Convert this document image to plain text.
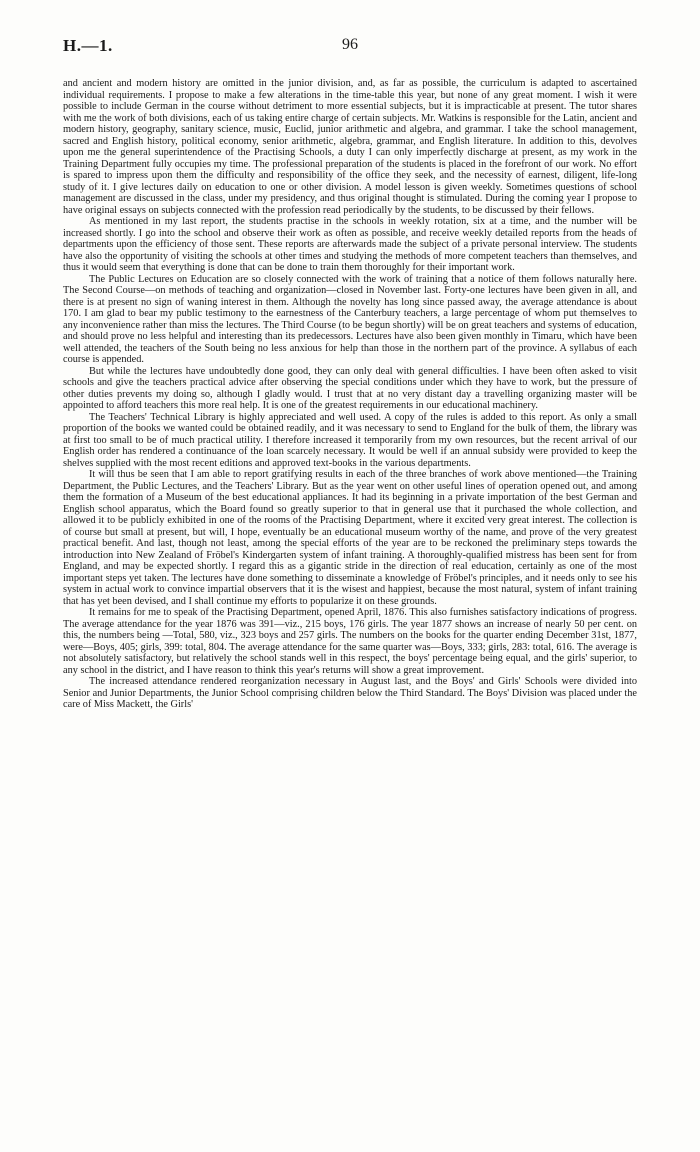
H.—1.	96

and ancient and modern history are omitted in the junior division, and, as far as possible, the curriculum is adapted to ascertained individual requirements. I propose to make a few alterations in the time-table this year, but none of any great moment. I wish it were possible to include German in the course without detriment to more essential subjects, but it is impracticable at present. The tutor shares with me the work of both divisions, each of us taking entire charge of certain subjects. Mr. Watkins is responsible for the Latin, ancient and modern history, geography, sanitary science, music, Euclid, junior arithmetic and algebra, and grammar. I take the school management, sacred and English history, political economy, senior arithmetic, algebra, grammar, and English literature. In addition to this, devolves upon me the general superintendence of the Practising Schools, a duty I can only imperfectly discharge at present, as my work in the Training Department fully occupies my time. The professional preparation of the students is placed in the forefront of our work. No effort is spared to impress upon them the difficulty and responsibility of the office they seek, and the necessity of earnest, diligent, life-long study of it. I give lectures daily on education to one or other division. A model lesson is given weekly. Sometimes questions of school management are discussed in the class, under my presidency, and thus original thought is stimulated. During the coming year I propose to have original essays on subjects connected with the profession read periodically by the students, to be discussed by their fellows.

As mentioned in my last report, the students practise in the schools in weekly rotation, six at a time, and the number will be increased shortly. I go into the school and observe their work as often as possible, and receive weekly detailed reports from the heads of departments upon the efficiency of those sent. These reports are afterwards made the subject of a private personal interview. The students have also the opportunity of visiting the schools at other times and studying the methods of more competent teachers than themselves, and thus it would seem that everything is done that can be done to train them thoroughly for their important work.

The Public Lectures on Education are so closely connected with the work of training that a notice of them follows naturally here. The Second Course—on methods of teaching and organization—closed in November last. Forty-one lectures have been given in all, and there is at present no sign of waning interest in them. Although the novelty has long since passed away, the average attendance is about 170. I am glad to bear my public testimony to the earnestness of the Canterbury teachers, a large percentage of whom put themselves to any inconvenience rather than miss the lectures. The Third Course (to be begun shortly) will be on great teachers and systems of education, and should prove no less helpful and interesting than its predecessors. Lectures have also been given monthly in Timaru, which have been well attended, the teachers of the South being no less anxious for help than those in the northern part of the province. A syllabus of each course is appended.

But while the lectures have undoubtedly done good, they can only deal with general difficulties. I have been often asked to visit schools and give the teachers practical advice after observing the special conditions under which they have to work, but the pressure of other duties prevents my doing so, although I gladly would. I trust that at no very distant day a travelling organizing master will be appointed to afford teachers this more real help. It is one of the greatest requirements in our educational machinery.

The Teachers' Technical Library is highly appreciated and well used. A copy of the rules is added to this report. As only a small proportion of the books we wanted could be obtained readily, and it was necessary to send to England for the bulk of them, the library was at first too small to be of much practical utility. I therefore increased it temporarily from my own resources, but the recent arrival of our English order has rendered a continuance of the loan scarcely necessary. It would be well if an annual subsidy were provided to keep the shelves supplied with the most recent editions and approved text-books in the various departments.

It will thus be seen that I am able to report gratifying results in each of the three branches of work above mentioned—the Training Department, the Public Lectures, and the Teachers' Library. But as the year went on other useful lines of operation opened out, and among them the formation of a Museum of the best educational appliances. It had its beginning in a private importation of the best German and English school apparatus, which the Board found so greatly superior to that in general use that it purchased the whole collection, and allowed it to be publicly exhibited in one of the rooms of the Practising Department, where it excited very great interest. The collection is of course but small at present, but will, I hope, eventually be an educational museum worthy of the name, and prove of the very greatest practical benefit. And last, though not least, among the special efforts of the year are to be reckoned the preliminary steps towards the introduction into New Zealand of Fröbel's Kindergarten system of infant training. A thoroughly-qualified mistress has been sent for from England, and may be expected shortly. I regard this as a gigantic stride in the direction of real education, certainly as one of the most important steps yet taken. The lectures have done something to disseminate a knowledge of Fröbel's principles, and it needs only to see his system in actual work to convince impartial observers that it is the wisest and happiest, because the most natural, system of infant training that has yet been devised, and I shall continue my efforts to popularize it on these grounds.

It remains for me to speak of the Practising Department, opened April, 1876. This also furnishes satisfactory indications of progress. The average attendance for the year 1876 was 391—viz., 215 boys, 176 girls. The year 1877 shows an increase of nearly 50 per cent. on this, the numbers being —Total, 580, viz., 323 boys and 257 girls. The numbers on the books for the quarter ending December 31st, 1877, were—Boys, 405; girls, 399: total, 804. The average attendance for the same quarter was—Boys, 333; girls, 283: total, 616. The average is not absolutely satisfactory, but relatively the school stands well in this respect, the boys' percentage being equal, and the girls' superior, to any school in the district, and I have reason to think this year's returns will show a great improvement.

The increased attendance rendered reorganization necessary in August last, and the Boys' and Girls' Schools were divided into Senior and Junior Departments, the Junior School comprising children below the Third Standard. The Boys' Division was placed under the care of Miss Mackett, the Girls'
